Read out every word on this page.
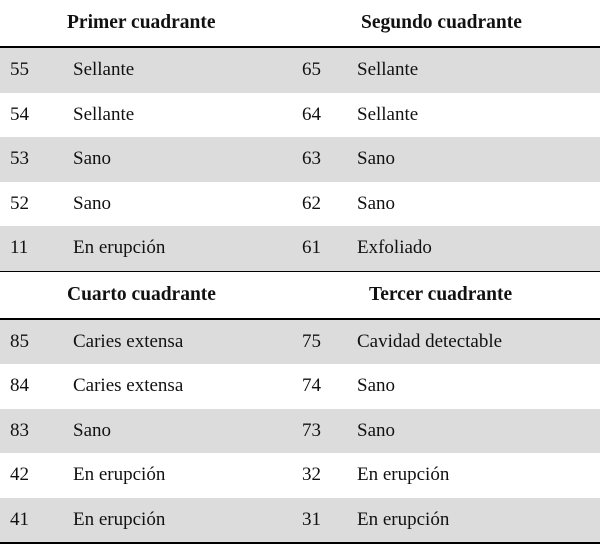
Primer cuadrante	Segundo cuadrante
55 Sellante	65 Sellante
54 Sellante	64 Sellante
53 Sano	63 Sano
52 Sano	62 Sano
11 En erupción	61 Exfoliado
Cuarto cuadrante	Tercer cuadrante
85 Caries extensa	75 Cavidad detectable
84 Caries extensa	74 Sano
83 Sano	73 Sano
42 En erupción	32 En erupción
41 En erupción	31 En erupción
